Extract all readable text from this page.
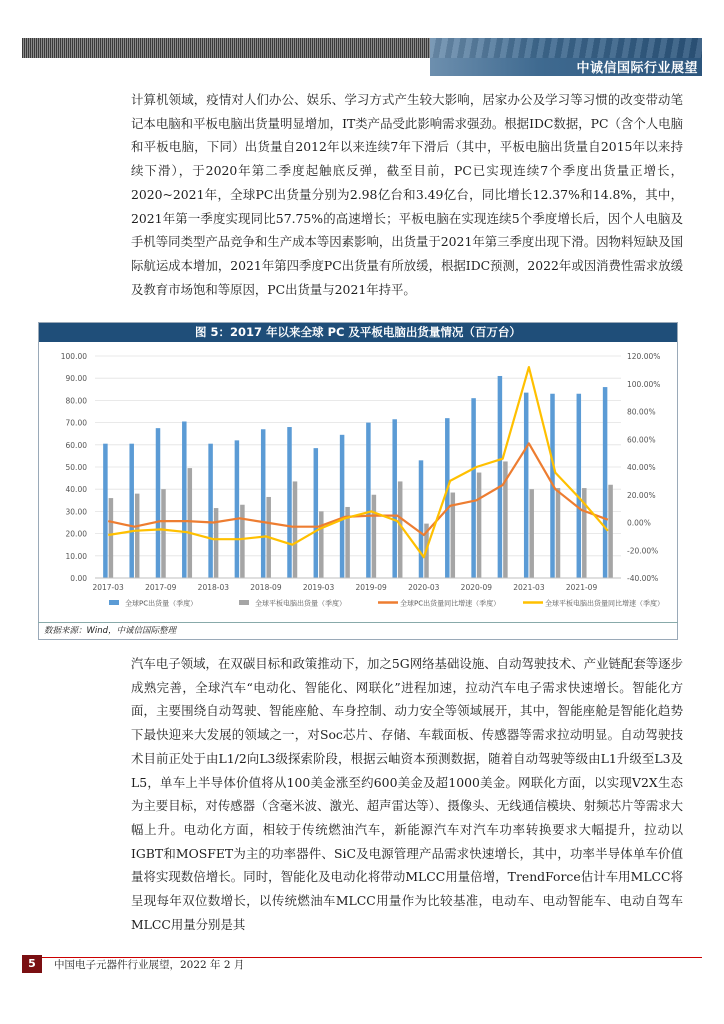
中诚信国际行业展望

计算机领域，疫情对人们办公、娱乐、学习方式产生较大影响，居家办公及学习等习惯的改变带动笔记本电脑和平板电脑出货量明显增加，IT类产品受此影响需求强劲。根据IDC数据，PC（含个人电脑和平板电脑，下同）出货量自2012年以来连续7年下滑后（其中，平板电脑出货量自2015年以来持续下滑），于2020年第二季度起触底反弹，截至目前，PC已实现连续7个季度出货量正增长，2020~2021年，全球PC出货量分别为2.98亿台和3.49亿台，同比增长12.37%和14.8%，其中，2021年第一季度实现同比57.75%的高速增长；平板电脑在实现连续5个季度增长后，因个人电脑及手机等同类型产品竞争和生产成本等因素影响，出货量于2021年第三季度出现下滑。因物料短缺及国际航运成本增加，2021年第四季度PC出货量有所放缓，根据IDC预测，2022年或因消费性需求放缓及教育市场饱和等原因，PC出货量与2021年持平。

图 5：2017 年以来全球 PC 及平板电脑出货量情况（百万台）
0.00
10.00
20.00
30.00
40.00
50.00
60.00
70.00
80.00
90.00
100.00
-40.00%
-20.00%
0.00%
20.00%
40.00%
60.00%
80.00%
100.00%
120.00%
2017-03	2017-09	2018-03	2018-09	2019-03	2019-09	2020-03	2020-09	2021-03	2021-09
全球PC出货量（季度）	全球平板电脑出货量（季度）	全球PC出货量同比增速（季度）	全球平板电脑出货量同比增速（季度）
数据来源：Wind，中诚信国际整理

汽车电子领域，在双碳目标和政策推动下，加之5G网络基础设施、自动驾驶技术、产业链配套等逐步成熟完善，全球汽车“电动化、智能化、网联化”进程加速，拉动汽车电子需求快速增长。智能化方面，主要围绕自动驾驶、智能座舱、车身控制、动力安全等领域展开，其中，智能座舱是智能化趋势下最快迎来大发展的领域之一，对Soc芯片、存储、车载面板、传感器等需求拉动明显。自动驾驶技术目前正处于由L1/2向L3级探索阶段，根据云岫资本预测数据，随着自动驾驶等级由L1升级至L3及L5，单车上半导体价值将从100美金涨至约600美金及超1000美金。网联化方面，以实现V2X生态为主要目标，对传感器（含毫米波、激光、超声雷达等）、摄像头、无线通信模块、射频芯片等需求大幅上升。电动化方面，相较于传统燃油汽车，新能源汽车对汽车功率转换要求大幅提升，拉动以IGBT和MOSFET为主的功率器件、SiC及电源管理产品需求快速增长，其中，功率半导体单车价值量将实现数倍增长。同时，智能化及电动化将带动MLCC用量倍增，TrendForce估计车用MLCC将呈现每年双位数增长，以传统燃油车MLCC用量作为比较基准，电动车、电动智能车、电动自驾车MLCC用量分别是其

5	中国电子元器件行业展望，2022 年 2 月
